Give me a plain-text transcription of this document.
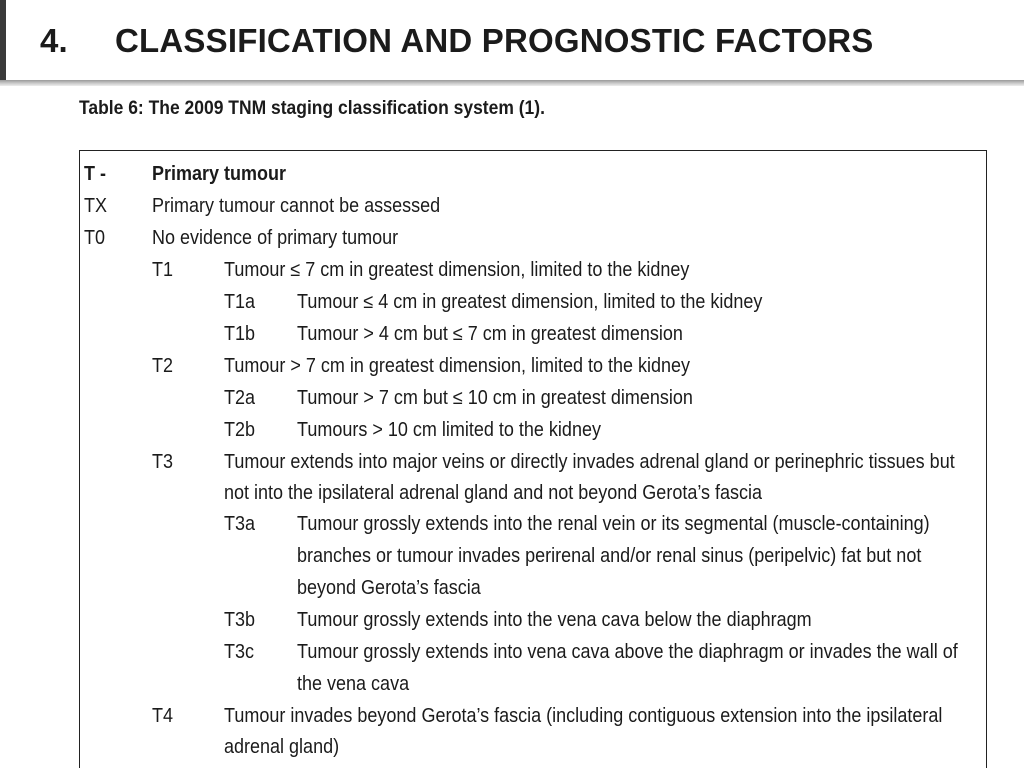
4. CLASSIFICATION AND PROGNOSTIC FACTORS
Table 6: The 2009 TNM staging classification system (1).
T - Primary tumour
TX Primary tumour cannot be assessed
T0 No evidence of primary tumour
T1	Tumour ≤ 7 cm in greatest dimension, limited to the kidney
T1a Tumour ≤ 4 cm in greatest dimension, limited to the kidney
T1b Tumour > 4 cm but ≤ 7 cm in greatest dimension
T2	Tumour > 7 cm in greatest dimension, limited to the kidney
T2a Tumour > 7 cm but ≤ 10 cm in greatest dimension
T2b Tumours > 10 cm limited to the kidney
T3	Tumour extends into major veins or directly invades adrenal gland or perinephric tissues but
not into the ipsilateral adrenal gland and not beyond Gerota’s fascia
T3a Tumour grossly extends into the renal vein or its segmental (muscle-containing)
branches or tumour invades perirenal and/or renal sinus (peripelvic) fat but not
beyond Gerota’s fascia
T3b Tumour grossly extends into the vena cava below the diaphragm
T3c Tumour grossly extends into vena cava above the diaphragm or invades the wall of
the vena cava
T4	Tumour invades beyond Gerota’s fascia (including contiguous extension into the ipsilateral
adrenal gland)
